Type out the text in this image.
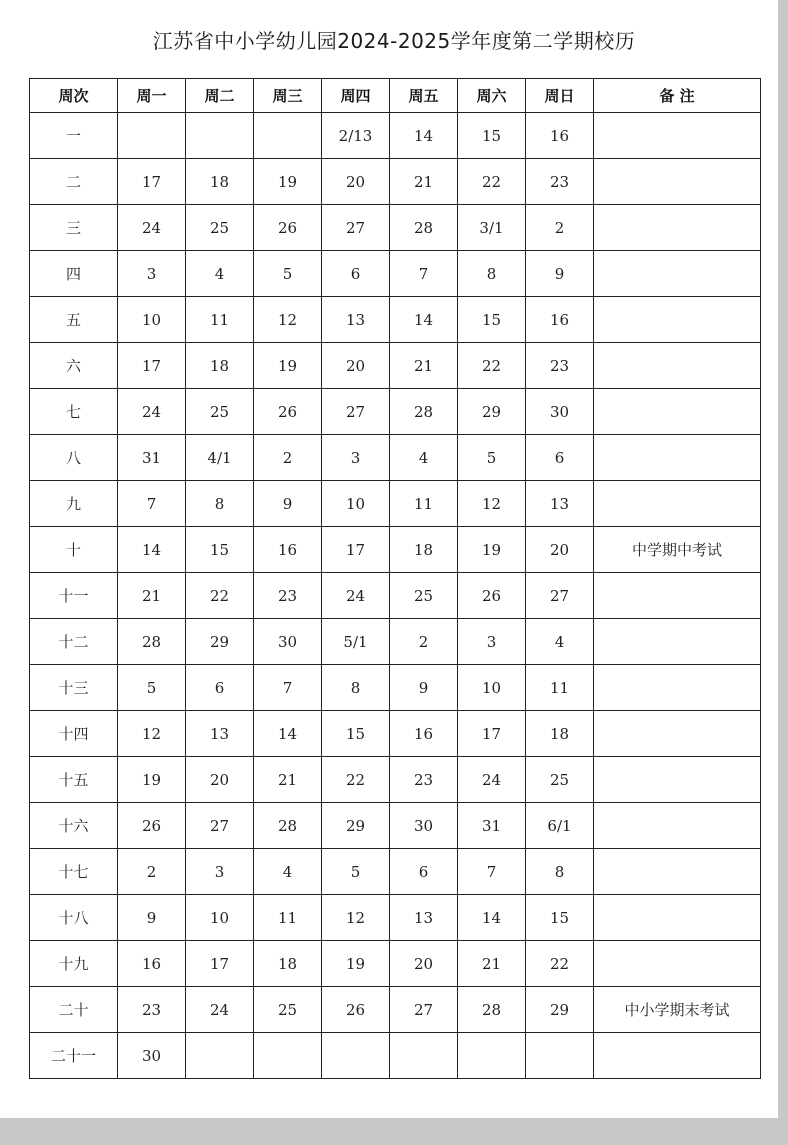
江苏省中小学幼儿园2024-2025学年度第二学期校历
周次	周一	周二	周三	周四	周五	周六	周日	备 注
一				2/13	14	15	16	
二	17	18	19	20	21	22	23	
三	24	25	26	27	28	3/1	2	
四	3	4	5	6	7	8	9	
五	10	11	12	13	14	15	16	
六	17	18	19	20	21	22	23	
七	24	25	26	27	28	29	30	
八	31	4/1	2	3	4	5	6	
九	7	8	9	10	11	12	13	
十	14	15	16	17	18	19	20	中学期中考试
十一	21	22	23	24	25	26	27	
十二	28	29	30	5/1	2	3	4	
十三	5	6	7	8	9	10	11	
十四	12	13	14	15	16	17	18	
十五	19	20	21	22	23	24	25	
十六	26	27	28	29	30	31	6/1	
十七	2	3	4	5	6	7	8	
十八	9	10	11	12	13	14	15	
十九	16	17	18	19	20	21	22	
二十	23	24	25	26	27	28	29	中小学期末考试
二十一	30							
